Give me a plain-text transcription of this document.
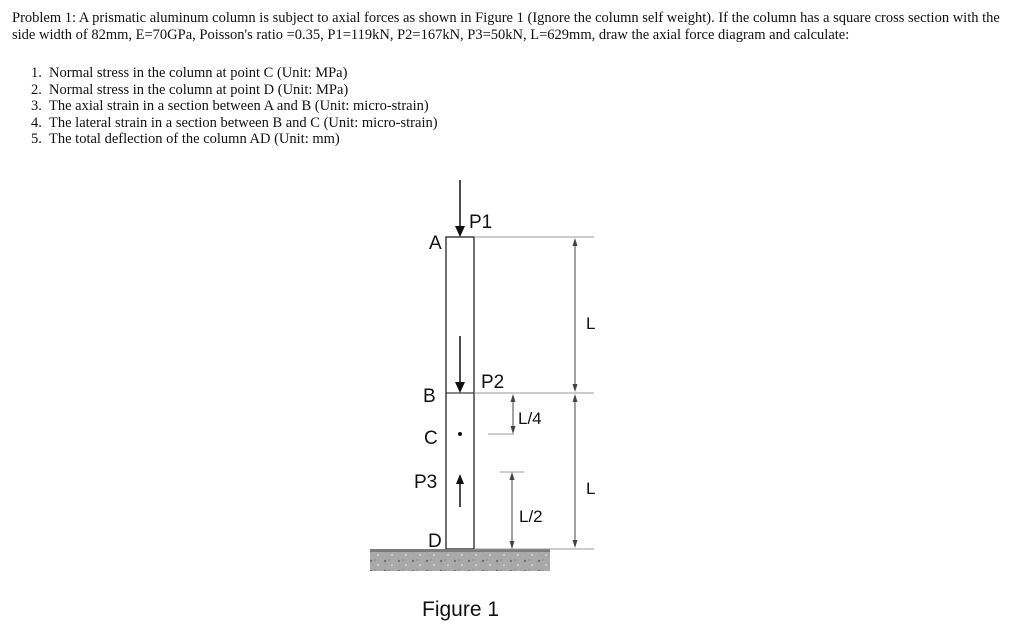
Problem 1: A prismatic aluminum column is subject to axial forces as shown in Figure 1 (Ignore the column self weight). If the column has a square cross section with the side width of 82mm, E=70GPa, Poisson's ratio =0.35, P1=119kN, P2=167kN, P3=50kN, L=629mm, draw the axial force diagram and calculate:

1. Normal stress in the column at point C (Unit: MPa)
2. Normal stress in the column at point D (Unit: MPa)
3. The axial strain in a section between A and B (Unit: micro-strain)
4. The lateral strain in a section between B and C (Unit: micro-strain)
5. The total deflection of the column AD (Unit: mm)
A
P1
L
B
P2
L/4
C
P3	L
L/2
D
Figure 1
